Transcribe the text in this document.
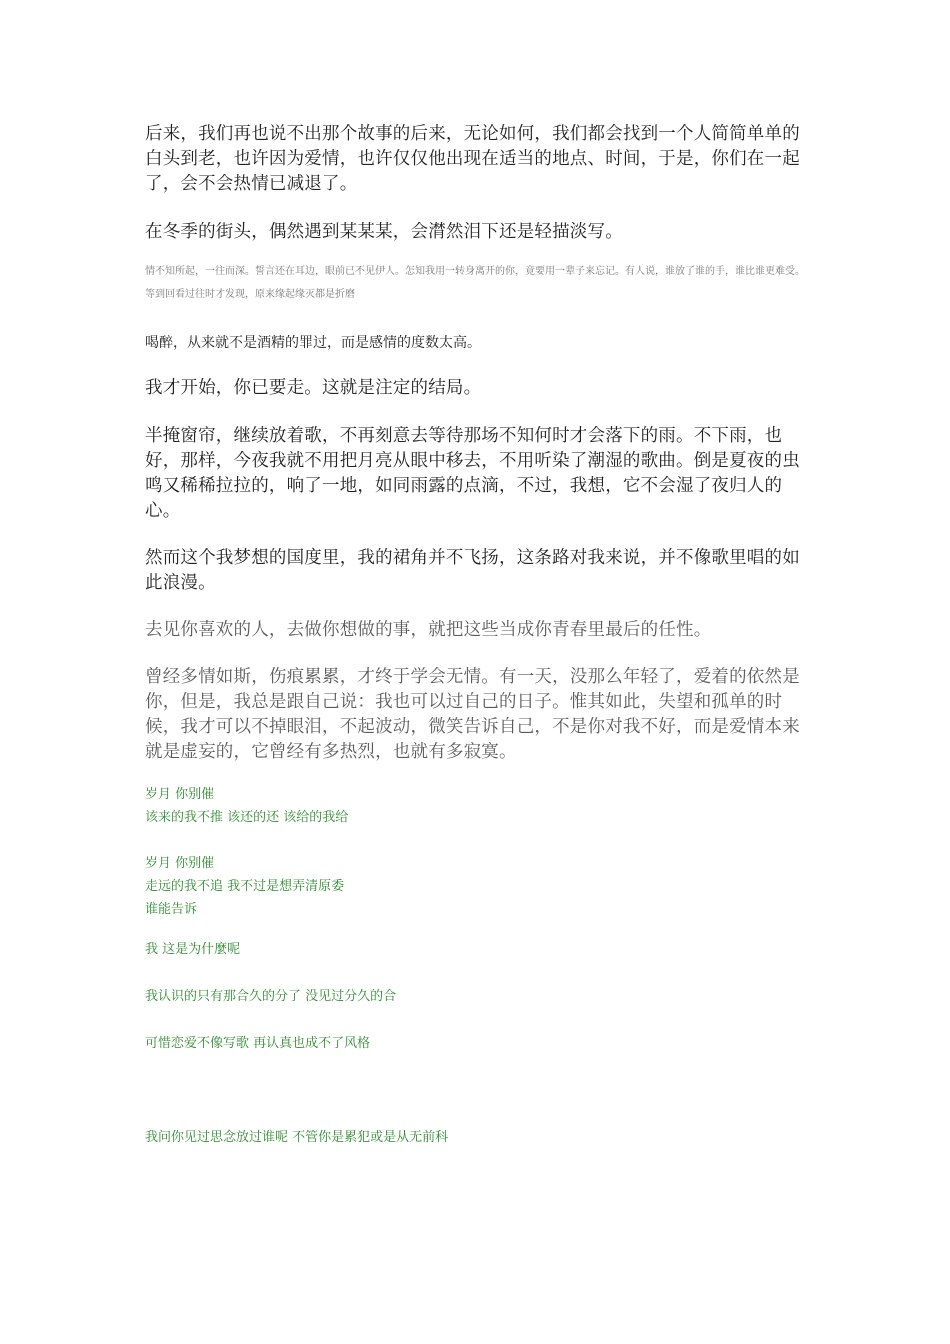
后来，我们再也说不出那个故事的后来，无论如何，我们都会找到一个人简简单单的白头到老，也许因为爱情，也许仅仅他出现在适当的地点、时间，于是，你们在一起了，会不会热情已减退了。

在冬季的街头，偶然遇到某某某，会潸然泪下还是轻描淡写。

情不知所起，一往而深。誓言还在耳边，眼前已不见伊人。怎知我用一转身离开的你，竟要用一辈子来忘记。有人说，谁放了谁的手，谁比谁更难受。等到回看过往时才发现，原来缘起缘灭都是折磨

喝醉，从来就不是酒精的罪过，而是感情的度数太高。

我才开始，你已要走。这就是注定的结局。

半掩窗帘，继续放着歌，不再刻意去等待那场不知何时才会落下的雨。不下雨，也好，那样，今夜我就不用把月亮从眼中移去，不用听染了潮湿的歌曲。倒是夏夜的虫鸣又稀稀拉拉的，响了一地，如同雨露的点滴，不过，我想，它不会湿了夜归人的心。

然而这个我梦想的国度里，我的裙角并不飞扬，这条路对我来说，并不像歌里唱的如此浪漫。

去见你喜欢的人，去做你想做的事，就把这些当成你青春里最后的任性。

曾经多情如斯，伤痕累累，才终于学会无情。有一天，没那么年轻了，爱着的依然是你，但是，我总是跟自己说：我也可以过自己的日子。惟其如此，失望和孤单的时候，我才可以不掉眼泪，不起波动，微笑告诉自己，不是你对我不好，而是爱情本来就是虚妄的，它曾经有多热烈，也就有多寂寞。

岁月 你别催

该来的我不推 该还的还 该给的我给

岁月 你别催

走远的我不追 我不过是想弄清原委

谁能告诉

我 这是为什麼呢

我认识的只有那合久的分了 没见过分久的合

可惜恋爱不像写歌 再认真也成不了风格

我问你见过思念放过谁呢 不管你是累犯或是从无前科
